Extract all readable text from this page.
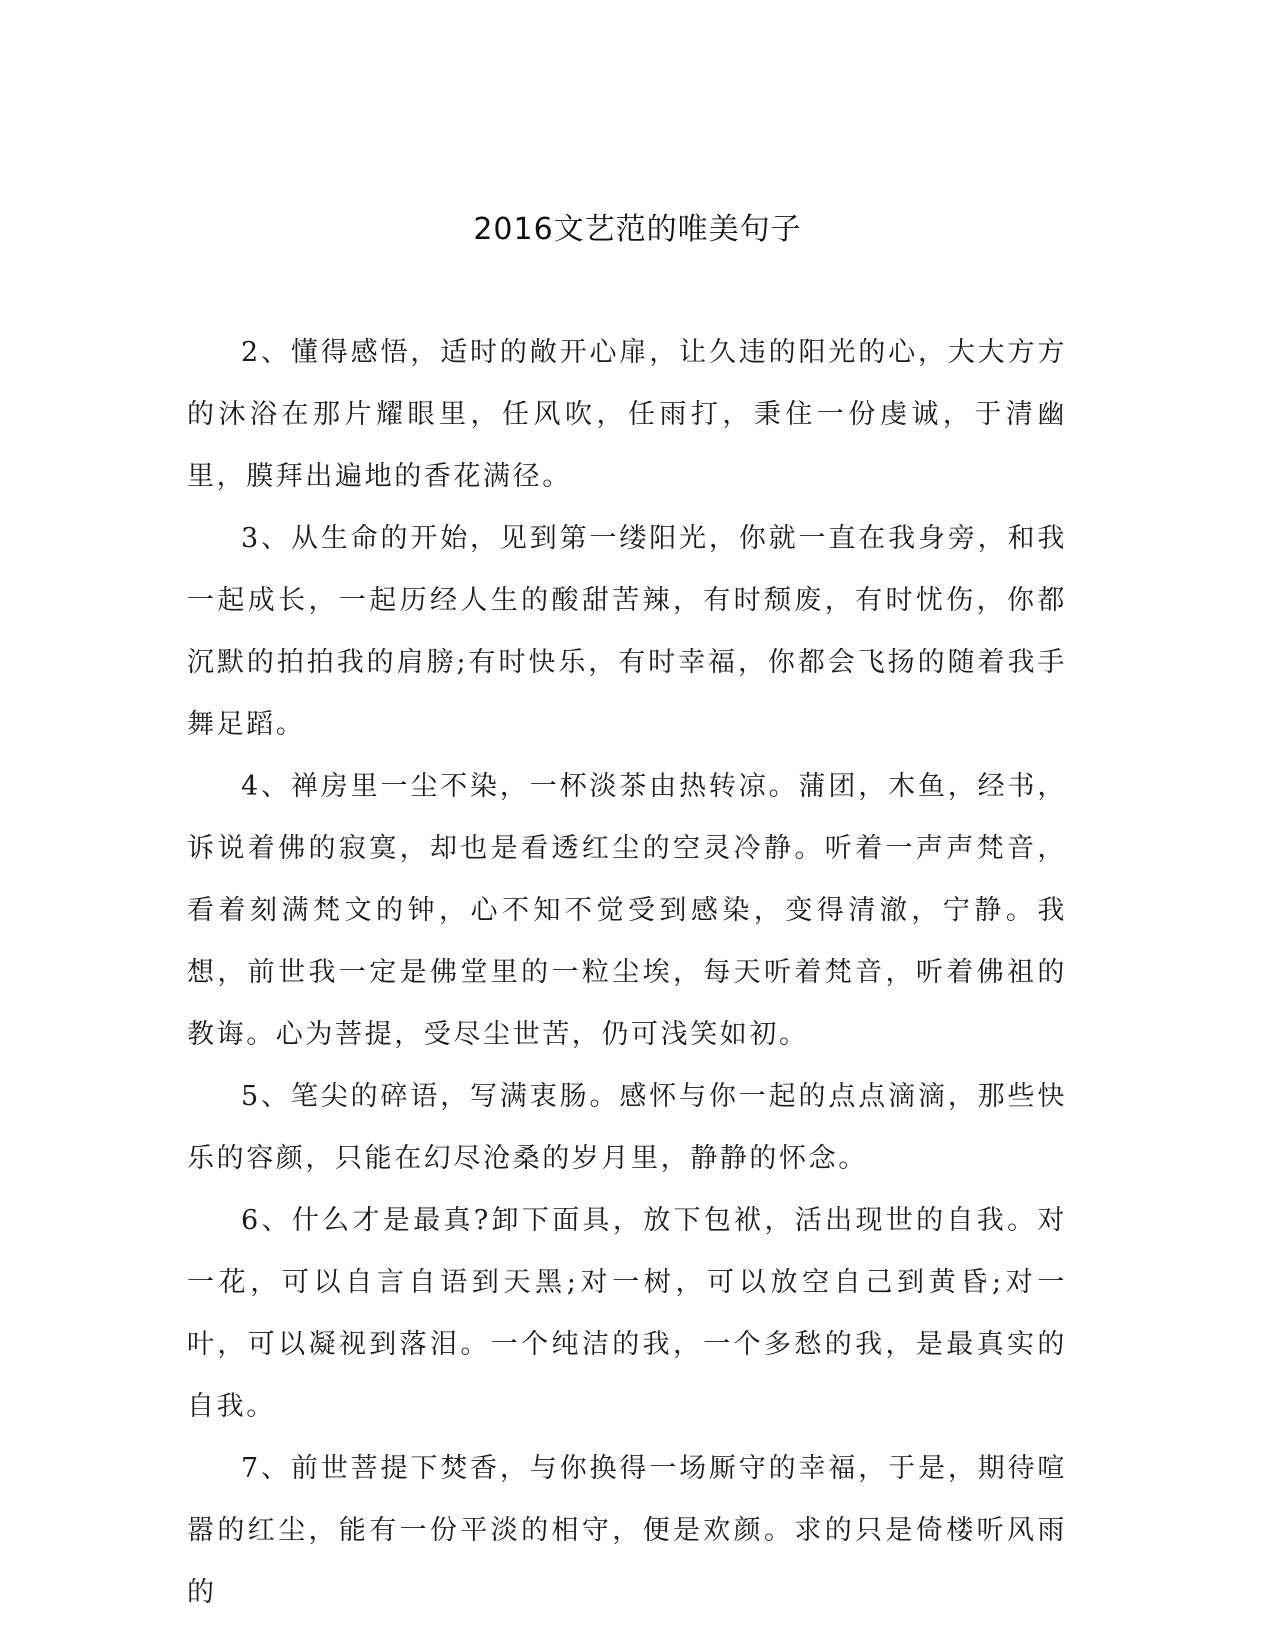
2016文艺范的唯美句子

2、懂得感悟，适时的敞开心扉，让久违的阳光的心，大大方方的沐浴在那片耀眼里，任风吹，任雨打，秉住一份虔诚，于清幽里，膜拜出遍地的香花满径。

3、从生命的开始，见到第一缕阳光，你就一直在我身旁，和我一起成长，一起历经人生的酸甜苦辣，有时颓废，有时忧伤，你都沉默的拍拍我的肩膀;有时快乐，有时幸福，你都会飞扬的随着我手舞足蹈。

4、禅房里一尘不染，一杯淡茶由热转凉。蒲团，木鱼，经书，诉说着佛的寂寞，却也是看透红尘的空灵冷静。听着一声声梵音，看着刻满梵文的钟，心不知不觉受到感染，变得清澈，宁静。我想，前世我一定是佛堂里的一粒尘埃，每天听着梵音，听着佛祖的教诲。心为菩提，受尽尘世苦，仍可浅笑如初。

5、笔尖的碎语，写满衷肠。感怀与你一起的点点滴滴，那些快乐的容颜，只能在幻尽沧桑的岁月里，静静的怀念。

6、什么才是最真?卸下面具，放下包袱，活出现世的自我。对一花，可以自言自语到天黑;对一树，可以放空自己到黄昏;对一叶，可以凝视到落泪。一个纯洁的我，一个多愁的我，是最真实的自我。

7、前世菩提下焚香，与你换得一场厮守的幸福，于是，期待喧嚣的红尘，能有一份平淡的相守，便是欢颜。求的只是倚楼听风雨的
